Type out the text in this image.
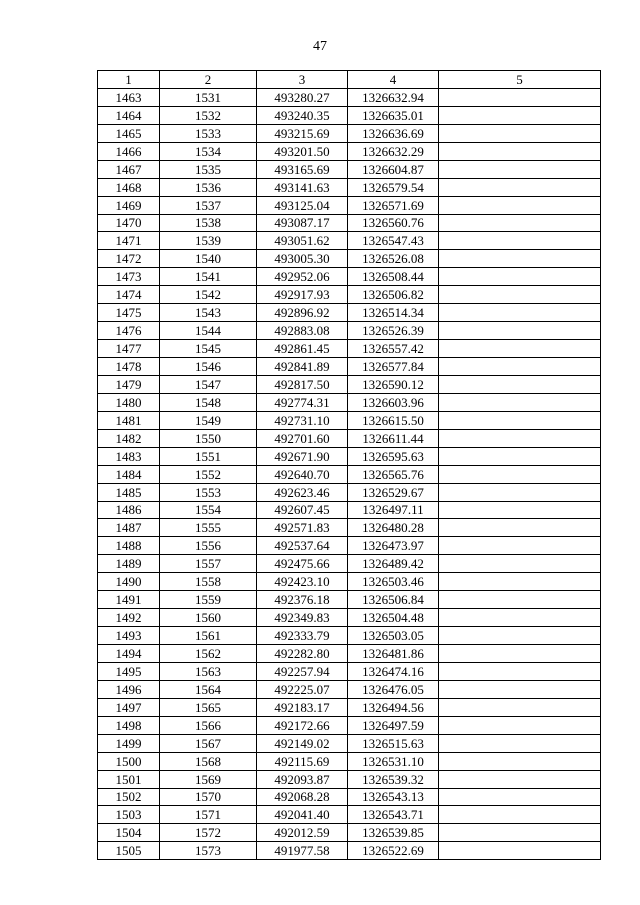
47
1	2	3	4	5
1463	1531	493280.27	1326632.94	
1464	1532	493240.35	1326635.01	
1465	1533	493215.69	1326636.69	
1466	1534	493201.50	1326632.29	
1467	1535	493165.69	1326604.87	
1468	1536	493141.63	1326579.54	
1469	1537	493125.04	1326571.69	
1470	1538	493087.17	1326560.76	
1471	1539	493051.62	1326547.43	
1472	1540	493005.30	1326526.08	
1473	1541	492952.06	1326508.44	
1474	1542	492917.93	1326506.82	
1475	1543	492896.92	1326514.34	
1476	1544	492883.08	1326526.39	
1477	1545	492861.45	1326557.42	
1478	1546	492841.89	1326577.84	
1479	1547	492817.50	1326590.12	
1480	1548	492774.31	1326603.96	
1481	1549	492731.10	1326615.50	
1482	1550	492701.60	1326611.44	
1483	1551	492671.90	1326595.63	
1484	1552	492640.70	1326565.76	
1485	1553	492623.46	1326529.67	
1486	1554	492607.45	1326497.11	
1487	1555	492571.83	1326480.28	
1488	1556	492537.64	1326473.97	
1489	1557	492475.66	1326489.42	
1490	1558	492423.10	1326503.46	
1491	1559	492376.18	1326506.84	
1492	1560	492349.83	1326504.48	
1493	1561	492333.79	1326503.05	
1494	1562	492282.80	1326481.86	
1495	1563	492257.94	1326474.16	
1496	1564	492225.07	1326476.05	
1497	1565	492183.17	1326494.56	
1498	1566	492172.66	1326497.59	
1499	1567	492149.02	1326515.63	
1500	1568	492115.69	1326531.10	
1501	1569	492093.87	1326539.32	
1502	1570	492068.28	1326543.13	
1503	1571	492041.40	1326543.71	
1504	1572	492012.59	1326539.85	
1505	1573	491977.58	1326522.69	
